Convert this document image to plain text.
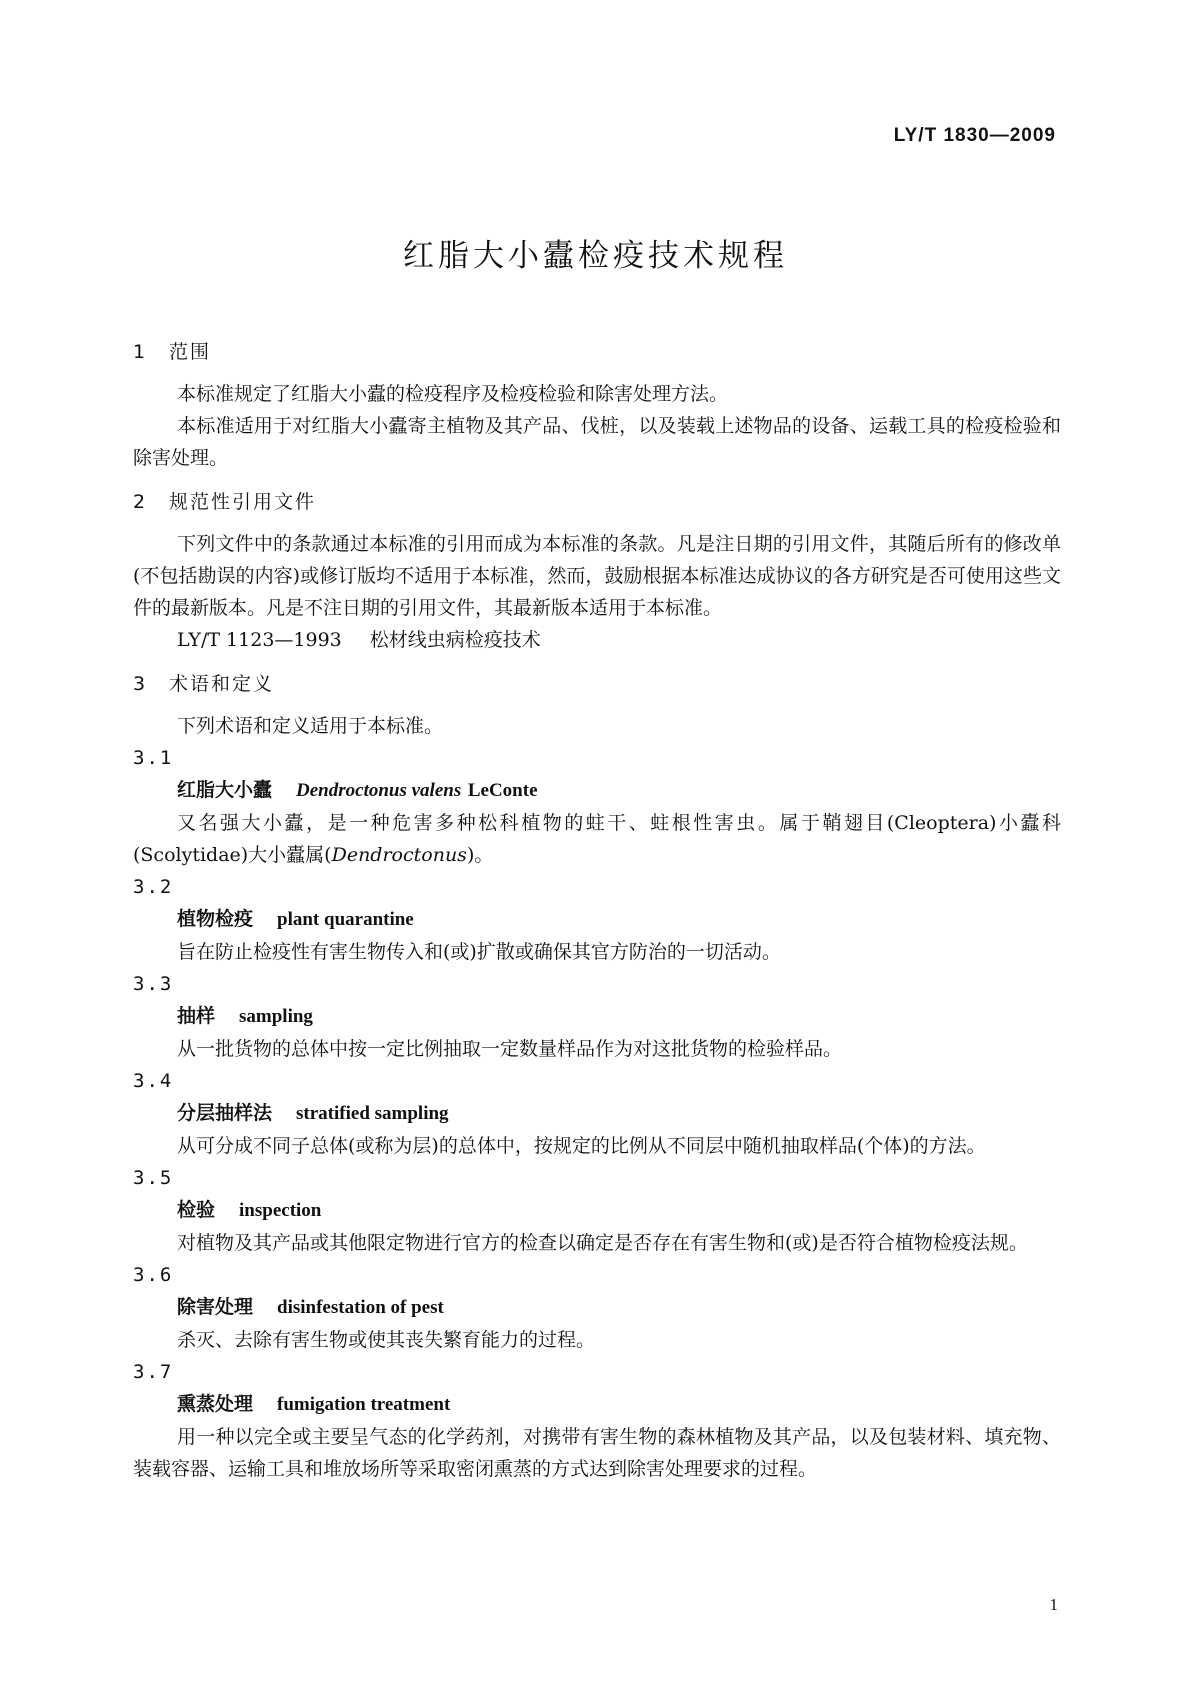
LY/T 1830—2009
红脂大小蠹检疫技术规程
1 范围

本标准规定了红脂大小蠹的检疫程序及检疫检验和除害处理方法。

本标准适用于对红脂大小蠹寄主植物及其产品、伐桩，以及装载上述物品的设备、运载工具的检疫检验和除害处理。

2 规范性引用文件

下列文件中的条款通过本标准的引用而成为本标准的条款。凡是注日期的引用文件，其随后所有的修改单(不包括勘误的内容)或修订版均不适用于本标准，然而，鼓励根据本标准达成协议的各方研究是否可使用这些文件的最新版本。凡是不注日期的引用文件，其最新版本适用于本标准。

LY/T 1123—1993 松材线虫病检疫技术

3 术语和定义

下列术语和定义适用于本标准。

3.1

红脂大小蠹 Dendroctonus valens LeConte

又名强大小蠹，是一种危害多种松科植物的蛀干、蛀根性害虫。属于鞘翅目(Cleoptera)小蠹科(Scolytidae)大小蠹属(Dendroctonus)。

3.2

植物检疫 plant quarantine

旨在防止检疫性有害生物传入和(或)扩散或确保其官方防治的一切活动。

3.3

抽样 sampling

从一批货物的总体中按一定比例抽取一定数量样品作为对这批货物的检验样品。

3.4

分层抽样法 stratified sampling

从可分成不同子总体(或称为层)的总体中，按规定的比例从不同层中随机抽取样品(个体)的方法。

3.5

检验 inspection

对植物及其产品或其他限定物进行官方的检查以确定是否存在有害生物和(或)是否符合植物检疫法规。

3.6

除害处理 disinfestation of pest

杀灭、去除有害生物或使其丧失繁育能力的过程。

3.7

熏蒸处理 fumigation treatment

用一种以完全或主要呈气态的化学药剂，对携带有害生物的森林植物及其产品，以及包装材料、填充物、装载容器、运输工具和堆放场所等采取密闭熏蒸的方式达到除害处理要求的过程。

1
